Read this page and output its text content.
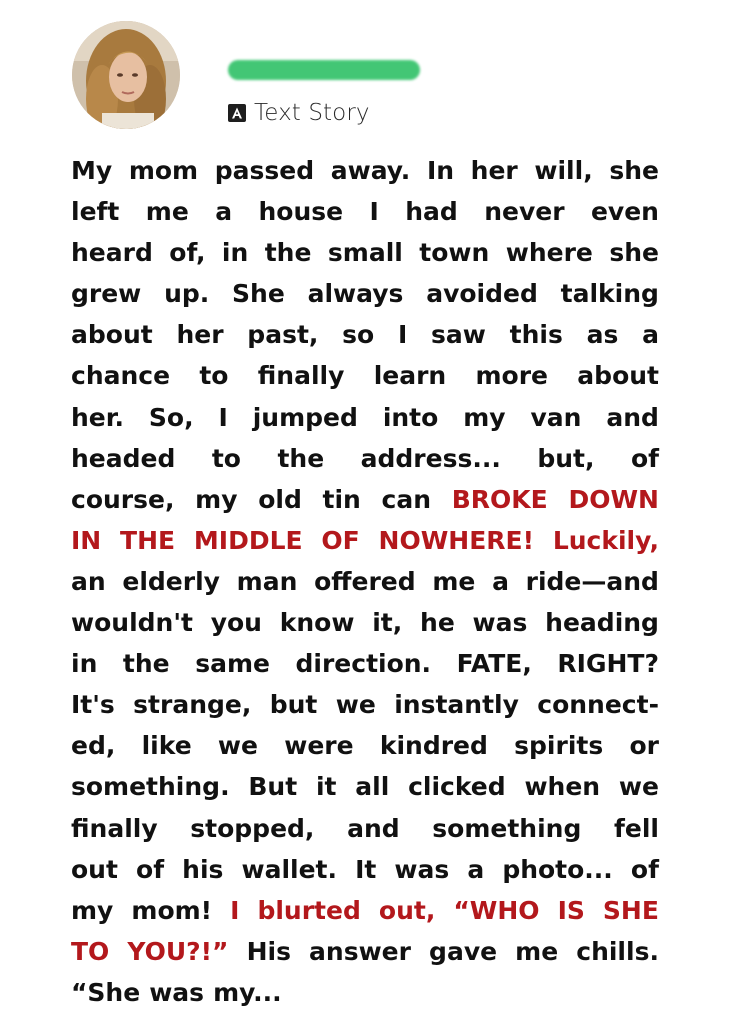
Text Story
My mom passed away. In her will, she
left me a house I had never even
heard of, in the small town where she
grew up. She always avoided talking
about her past, so I saw this as a
chance to finally learn more about
her. So, I jumped into my van and
headed to the address... but, of
course, my old tin can BROKE DOWN
IN THE MIDDLE OF NOWHERE! Luckily,
an elderly man offered me a ride—and
wouldn't you know it, he was heading
in the same direction. FATE, RIGHT?
It's strange, but we instantly connect-
ed, like we were kindred spirits or
something. But it all clicked when we
finally stopped, and something fell
out of his wallet. It was a photo... of
my mom! I blurted out, “WHO IS SHE
TO YOU?!” His answer gave me chills.
“She was my...
